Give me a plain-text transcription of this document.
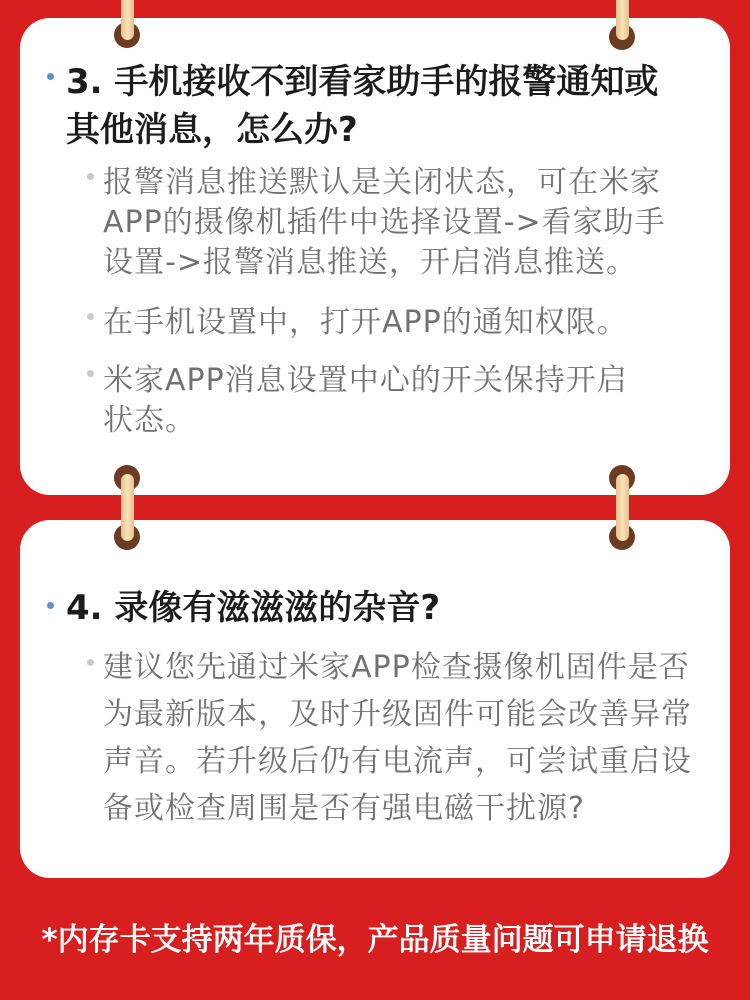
3. 手机接收不到看家助手的报警通知或
其他消息，怎么办?
报警消息推送默认是关闭状态，可在米家
APP的摄像机插件中选择设置->看家助手
设置->报警消息推送，开启消息推送。
在手机设置中，打开APP的通知权限。
米家APP消息设置中心的开关保持开启
状态。
4. 录像有滋滋滋的杂音?
建议您先通过米家APP检查摄像机固件是否
为最新版本，及时升级固件可能会改善异常
声音。若升级后仍有电流声，可尝试重启设
备或检查周围是否有强电磁干扰源?
*内存卡支持两年质保，产品质量问题可申请退换
